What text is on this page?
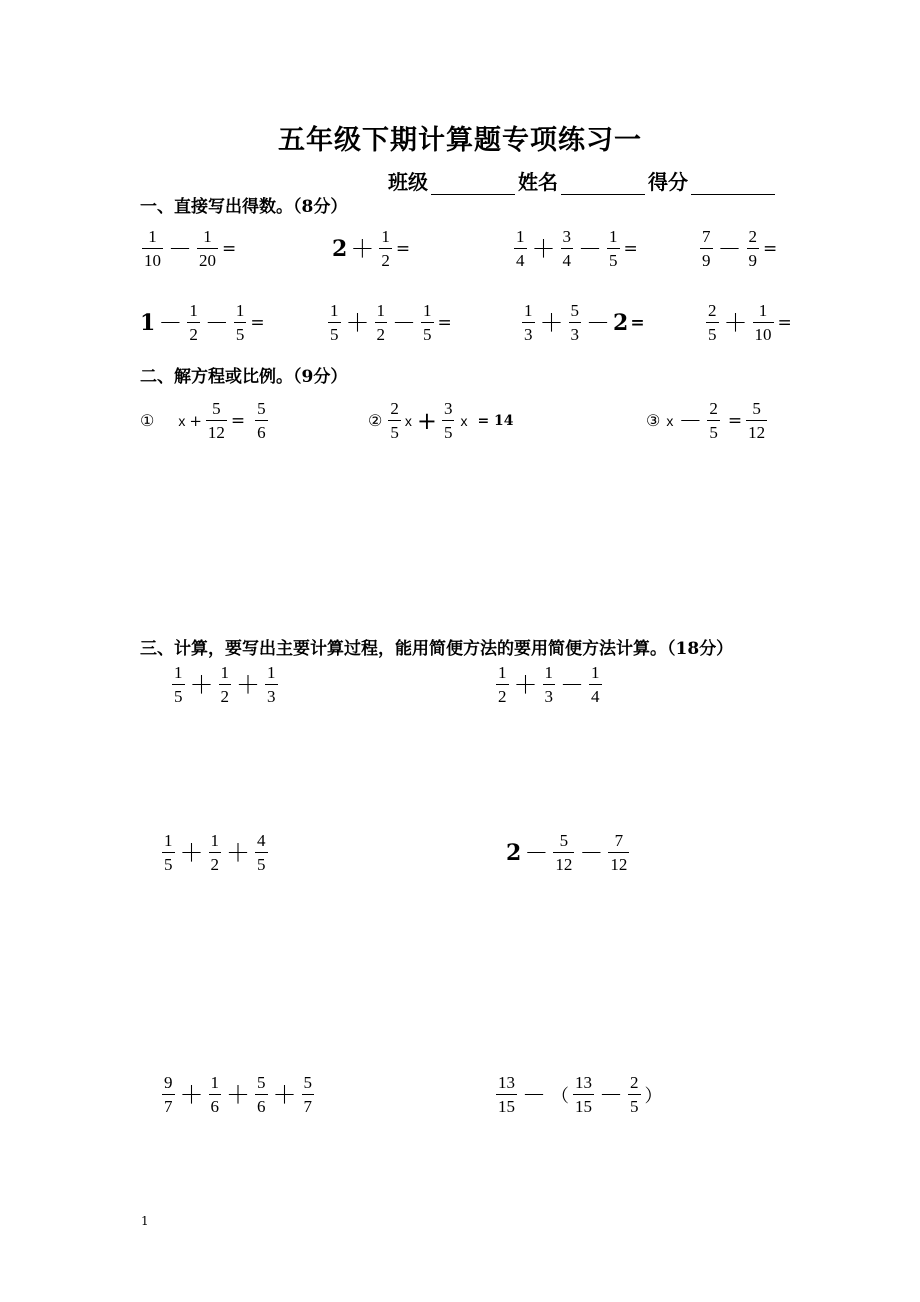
五年级下期计算题专项练习一
班级	姓名	得分
一、直接写出得数。（8分）
$\frac{1}{10} - \frac{1}{20}$ =	$2 + \frac{1}{2}$ =	$\frac{1}{4} + \frac{3}{4} - \frac{1}{5}$ =	$\frac{7}{9} - \frac{2}{9}$ =
$1 - \frac{1}{2} - \frac{1}{5}$ =	$\frac{1}{5} + \frac{1}{2} - \frac{1}{5}$ =	$\frac{1}{3} + \frac{5}{3} - 2$ =	$\frac{2}{5} + \frac{1}{10}$ =
二、解方程或比例。（9分）
① $x + \frac{5}{12} = \frac{5}{6}$	② $\frac{2}{5}$ $x + \frac{3}{5}$ x = 14	③ $x - \frac{2}{5} = \frac{5}{12}$
三、计算，要写出主要计算过程，能用简便方法的要用简便方法计算。（18分）
$\frac{1}{5} + \frac{1}{2} + \frac{1}{3}$	$\frac{1}{2} + \frac{1}{3} - \frac{1}{4}$
$\frac{1}{5} + \frac{1}{2} + \frac{4}{5}$	$2 - \frac{5}{12} - \frac{7}{12}$
$\frac{9}{7} + \frac{1}{6} + \frac{5}{6} + \frac{5}{7}$	$\frac{13}{15}$ － （ $\frac{13}{15} - \frac{2}{5}$ ）
1
